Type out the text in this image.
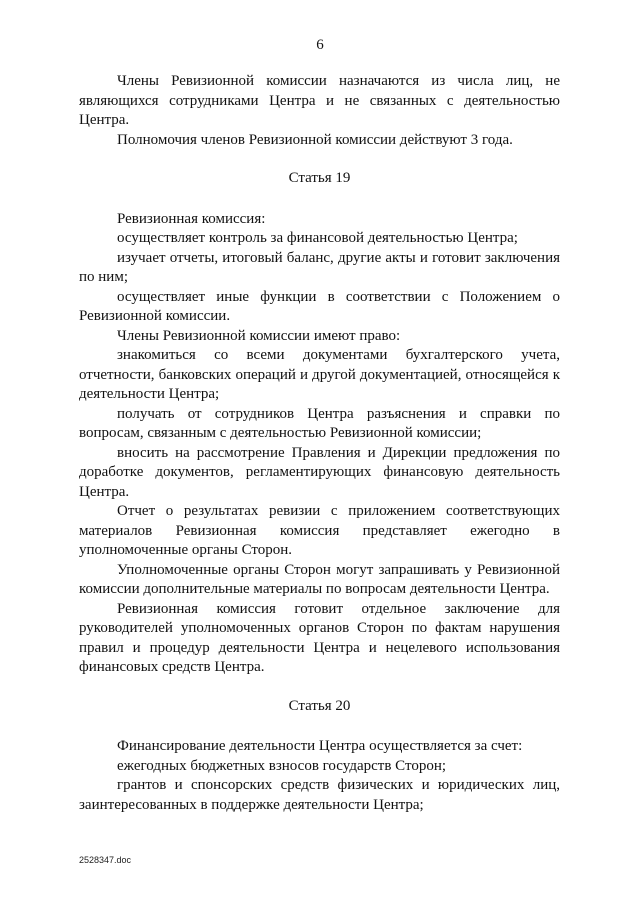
6

Члены Ревизионной комиссии назначаются из числа лиц, не являющихся сотрудниками Центра и не связанных с деятельностью Центра.

Полномочия членов Ревизионной комиссии действуют 3 года.

Статья 19

Ревизионная комиссия:

осуществляет контроль за финансовой деятельностью Центра;

изучает отчеты, итоговый баланс, другие акты и готовит заключения по ним;

осуществляет иные функции в соответствии с Положением о Ревизионной комиссии.

Члены Ревизионной комиссии имеют право:

знакомиться со всеми документами бухгалтерского учета, отчетности, банковских операций и другой документацией, относящейся к деятельности Центра;

получать от сотрудников Центра разъяснения и справки по вопросам, связанным с деятельностью Ревизионной комиссии;

вносить на рассмотрение Правления и Дирекции предложения по доработке документов, регламентирующих финансовую деятельность Центра.

Отчет о результатах ревизии с приложением соответствующих материалов Ревизионная комиссия представляет ежегодно в уполномоченные органы Сторон.

Уполномоченные органы Сторон могут запрашивать у Ревизионной комиссии дополнительные материалы по вопросам деятельности Центра.

Ревизионная комиссия готовит отдельное заключение для руководителей уполномоченных органов Сторон по фактам нарушения правил и процедур деятельности Центра и нецелевого использования финансовых средств Центра.

Статья 20

Финансирование деятельности Центра осуществляется за счет:

ежегодных бюджетных взносов государств Сторон;

грантов и спонсорских средств физических и юридических лиц, заинтересованных в поддержке деятельности Центра;

2528347.doc
